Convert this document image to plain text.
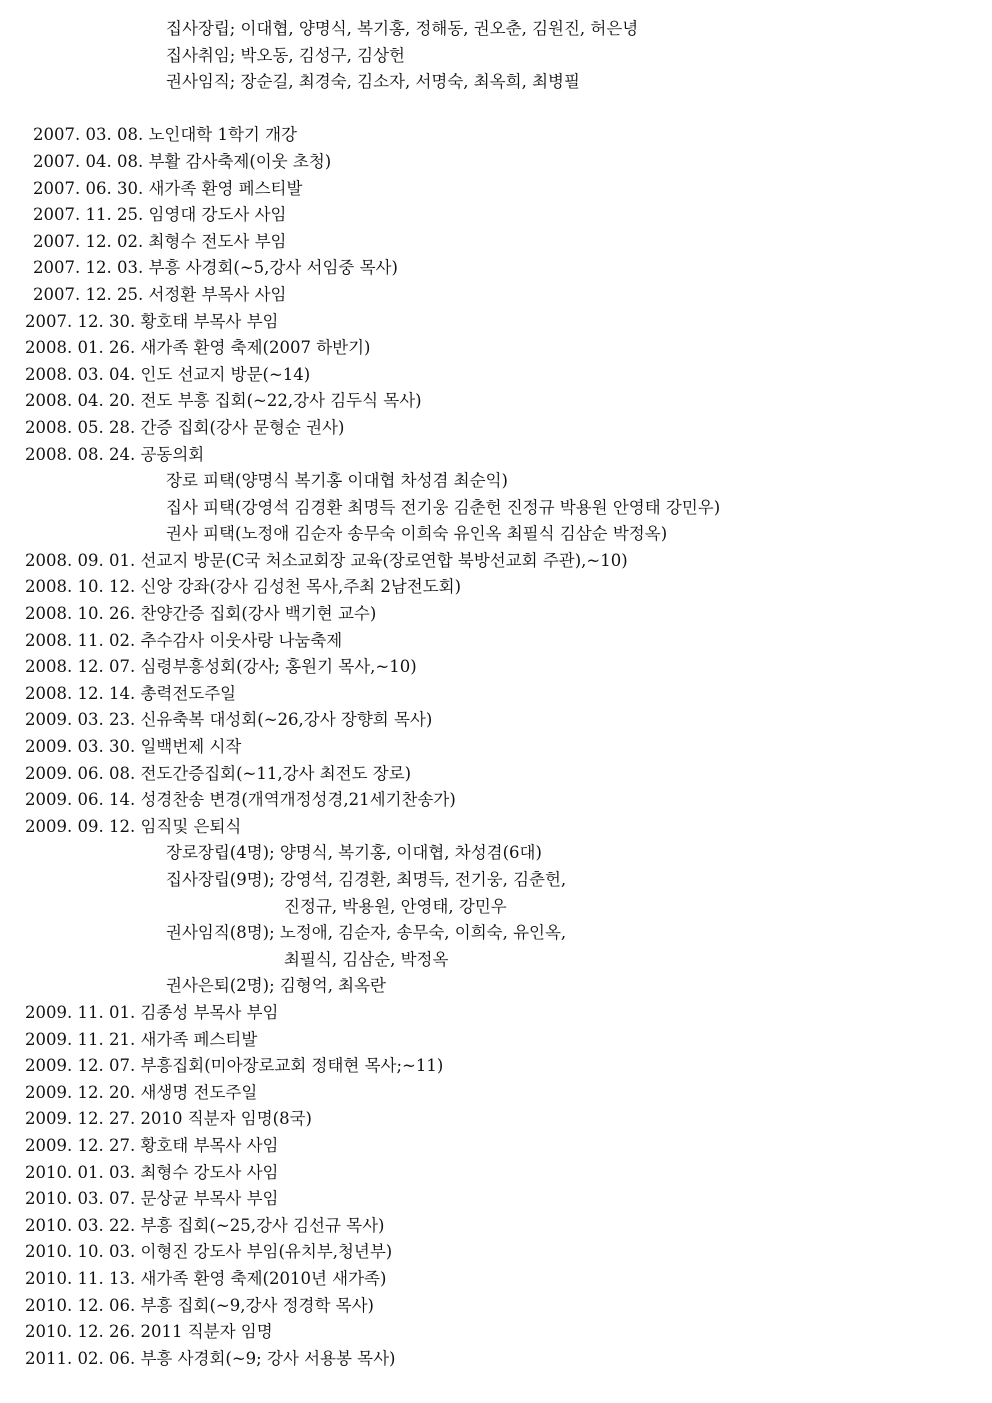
집사장립; 이대협, 양명식, 복기홍, 정해동, 권오춘, 김원진, 허은녕
집사취임; 박오동, 김성구, 김상헌
권사임직; 장순길, 최경숙, 김소자, 서명숙, 최옥희, 최병필
2007. 03. 08. 노인대학 1학기 개강
2007. 04. 08. 부활 감사축제(이웃 초청)
2007. 06. 30. 새가족 환영 페스티발
2007. 11. 25. 임영대 강도사 사임
2007. 12. 02. 최형수 전도사 부임
2007. 12. 03. 부흥 사경회(~5,강사 서임중 목사)
2007. 12. 25. 서정환 부목사 사임
2007. 12. 30. 황호태 부목사 부임
2008. 01. 26. 새가족 환영 축제(2007 하반기)
2008. 03. 04. 인도 선교지 방문(~14)
2008. 04. 20. 전도 부흥 집회(~22,강사 김두식 목사)
2008. 05. 28. 간증 집회(강사 문형순 권사)
2008. 08. 24. 공동의회
장로 피택(양명식 복기홍 이대협 차성겸 최순익)
집사 피택(강영석 김경환 최명득 전기웅 김춘헌 진정규 박용원 안영태 강민우)
권사 피택(노정애 김순자 송무숙 이희숙 유인옥 최필식 김삼순 박정옥)
2008. 09. 01. 선교지 방문(C국 처소교회장 교육(장로연합 북방선교회 주관),~10)
2008. 10. 12. 신앙 강좌(강사 김성천 목사,주최 2남전도회)
2008. 10. 26. 찬양간증 집회(강사 백기현 교수)
2008. 11. 02. 추수감사 이웃사랑 나눔축제
2008. 12. 07. 심령부흥성회(강사; 홍원기 목사,~10)
2008. 12. 14. 총력전도주일
2009. 03. 23. 신유축복 대성회(~26,강사 장향희 목사)
2009. 03. 30. 일백번제 시작
2009. 06. 08. 전도간증집회(~11,강사 최전도 장로)
2009. 06. 14. 성경찬송 변경(개역개정성경,21세기찬송가)
2009. 09. 12. 임직및 은퇴식
장로장립(4명); 양명식, 복기홍, 이대협, 차성겸(6대)
집사장립(9명); 강영석, 김경환, 최명득, 전기웅, 김춘헌,
진정규, 박용원, 안영태, 강민우
권사임직(8명); 노정애, 김순자, 송무숙, 이희숙, 유인옥,
최필식, 김삼순, 박정옥
권사은퇴(2명); 김형억, 최옥란
2009. 11. 01. 김종성 부목사 부임
2009. 11. 21. 새가족 페스티발
2009. 12. 07. 부흥집회(미아장로교회 정태현 목사;~11)
2009. 12. 20. 새생명 전도주일
2009. 12. 27. 2010 직분자 임명(8국)
2009. 12. 27. 황호태 부목사 사임
2010. 01. 03. 최형수 강도사 사임
2010. 03. 07. 문상균 부목사 부임
2010. 03. 22. 부흥 집회(~25,강사 김선규 목사)
2010. 10. 03. 이형진 강도사 부임(유치부,청년부)
2010. 11. 13. 새가족 환영 축제(2010년 새가족)
2010. 12. 06. 부흥 집회(~9,강사 정경학 목사)
2010. 12. 26. 2011 직분자 임명
2011. 02. 06. 부흥 사경회(~9; 강사 서용봉 목사)
